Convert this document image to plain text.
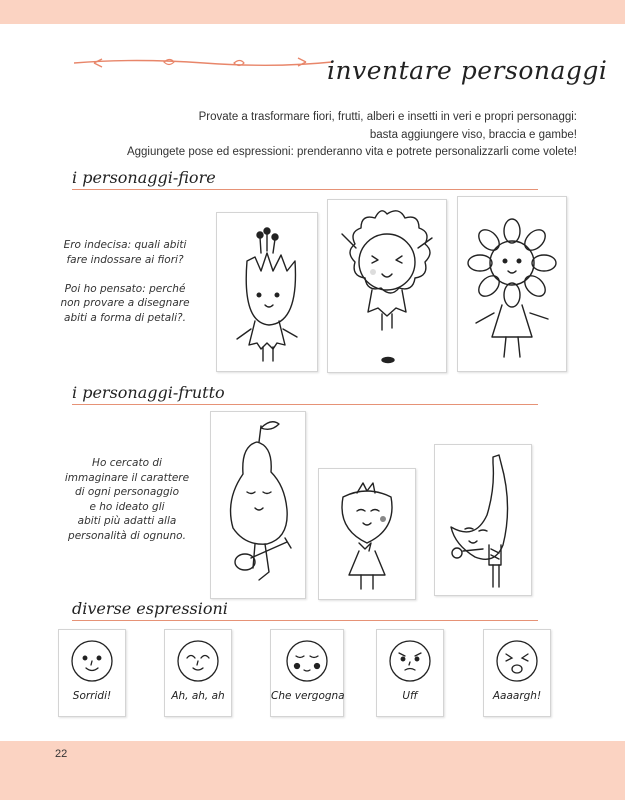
inventare personaggi
Provate a trasformare fiori, frutti, alberi e insetti in veri e propri personaggi:
basta aggiungere viso, braccia e gambe!
Aggiungete pose ed espressioni: prenderanno vita e potrete personalizzarli come volete!
i personaggi-fiore
Ero indecisa: quali abiti
fare indossare ai fiori?

Poi ho pensato: perché
non provare a disegnare
abiti a forma di petali?.
i personaggi-frutto
Ho cercato di
immaginare il carattere
di ogni personaggio
e ho ideato gli
abiti più adatti alla
personalità di ognuno.
diverse espressioni
Sorridi!	Ah, ah, ah	Che vergogna	Uff	Aaaargh!
22
